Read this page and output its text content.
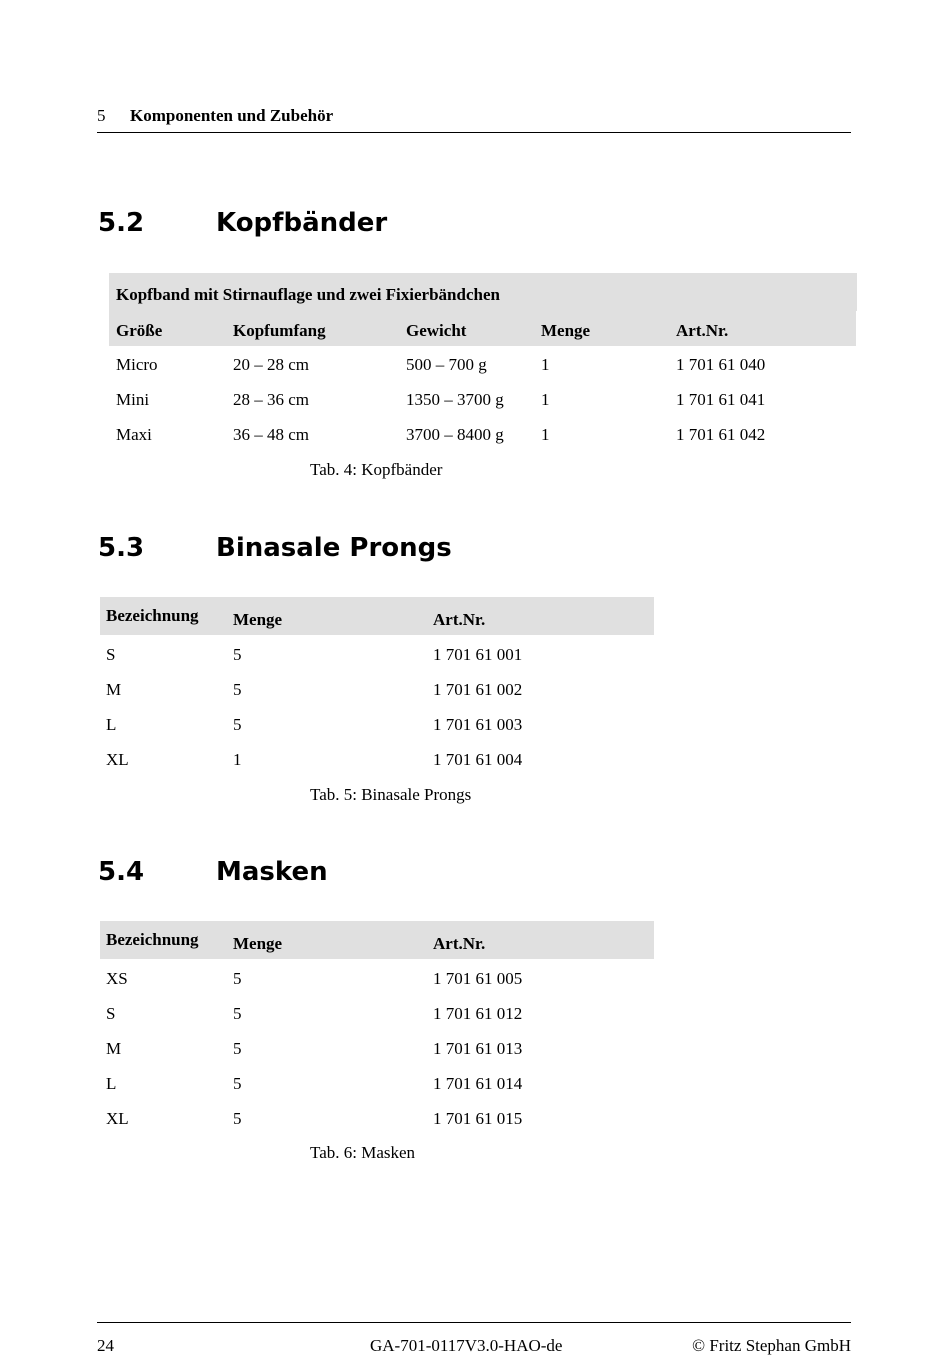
5 Komponenten und Zubehör
5.2	Kopfbänder
Kopfband mit Stirnauflage und zwei Fixierbändchen
Größe	Kopfumfang	Gewicht	Menge	Art.Nr.
Micro	20 – 28 cm	500 – 700 g	1	1 701 61 040
Mini	28 – 36 cm	1350 – 3700 g 1	1 701 61 041
Maxi	36 – 48 cm	3700 – 8400 g 1	1 701 61 042
Tab. 4: Kopfbänder
5.3	Binasale Prongs
Bezeichnung Menge	Art.Nr.
S	5	1 701 61 001
M	5	1 701 61 002
L	5	1 701 61 003
XL	1	1 701 61 004
Tab. 5: Binasale Prongs
5.4	Masken
Bezeichnung Menge	Art.Nr.
XS	5	1 701 61 005
S	5	1 701 61 012
M	5	1 701 61 013
L	5	1 701 61 014
XL	5	1 701 61 015
Tab. 6: Masken
24	GA-701-0117V3.0-HAO-de	© Fritz Stephan GmbH
